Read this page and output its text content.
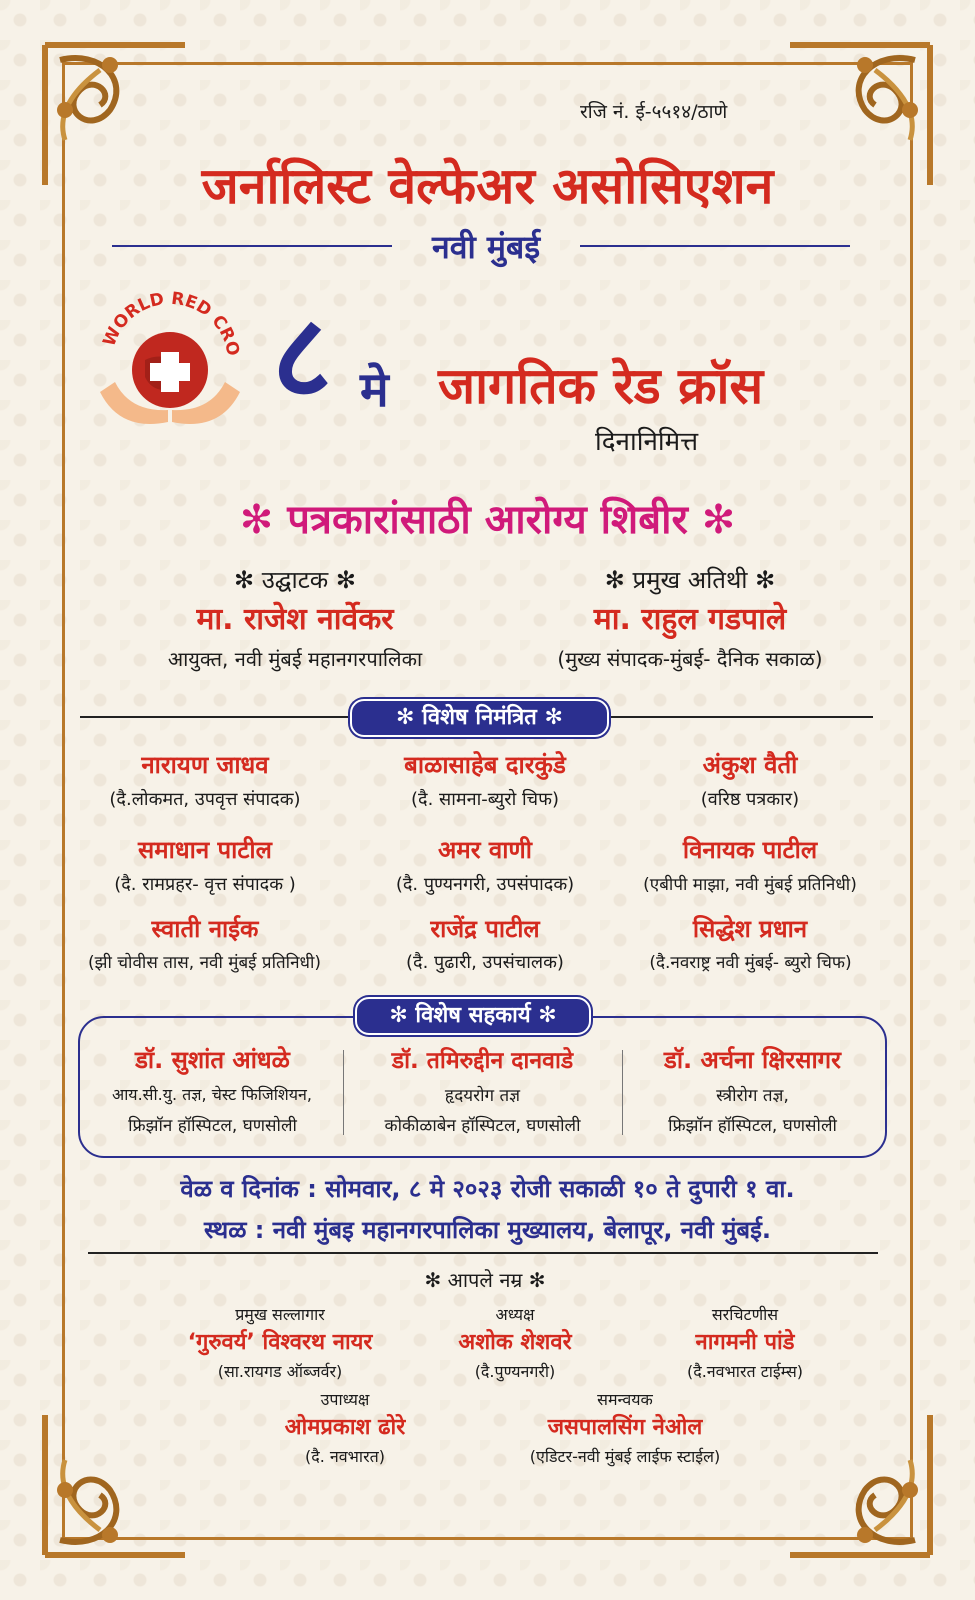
रजि नं. ई-५५१४/ठाणे
जर्नालिस्ट वेल्फेअर असोसिएशन
नवी मुंबई
WORLD RED CRO ८ मे जागतिक रेड क्रॉस
दिनानिमित्त
✻ पत्रकारांसाठी आरोग्य शिबीर ✻
✻ उद्घाटक ✻
मा. राजेश नार्वेकर
आयुक्त, नवी मुंबई महानगरपालिका
✻ प्रमुख अतिथी ✻
मा. राहुल गडपाले
(मुख्य संपादक-मुंबई- दैनिक सकाळ)
✻ विशेष निमंत्रित ✻
नारायण जाधव
(दै.लोकमत, उपवृत्त संपादक)
बाळासाहेब दारकुंडे
(दै. सामना-ब्युरो चिफ)
अंकुश वैती
(वरिष्ठ पत्रकार)
समाधान पाटील
(दै. रामप्रहर- वृत्त संपादक )
अमर वाणी
(दै. पुण्यनगरी, उपसंपादक)
विनायक पाटील
(एबीपी माझा, नवी मुंबई प्रतिनिधी)
स्वाती नाईक
(झी चोवीस तास, नवी मुंबई प्रतिनिधी)
राजेंद्र पाटील
(दै. पुढारी, उपसंचालक)
सिद्धेश प्रधान
(दै.नवराष्ट्र नवी मुंबई- ब्युरो चिफ)
✻ विशेष सहकार्य ✻
डॉ. सुशांत आंधळे
आय.सी.यु. तज्ञ, चेस्ट फिजिशियन,
फ्रिझॉन हॉस्पिटल, घणसोली
डॉ. तमिरुद्दीन दानवाडे
हृदयरोग तज्ञ
कोकीळाबेन हॉस्पिटल, घणसोली
डॉ. अर्चना क्षिरसागर
स्त्रीरोग तज्ञ,
फ्रिझॉन हॉस्पिटल, घणसोली
वेळ व दिनांक : सोमवार, ८ मे २०२३ रोजी सकाळी १० ते दुपारी १ वा.
स्थळ : नवी मुंबइ महानगरपालिका मुख्यालय, बेलापूर, नवी मुंबई.
✻ आपले नम्र ✻
प्रमुख सल्लागार
‘गुरुवर्य’ विश्वरथ नायर
(सा.रायगड ऑब्जर्वर)
अध्यक्ष
अशोक शेशवरे
(दै.पुण्यनगरी)
सरचिटणीस
नागमनी पांडे
(दै.नवभारत टाईम्स)
उपाध्यक्ष
ओमप्रकाश ढोरे
(दै. नवभारत)
समन्वयक
जसपालसिंग नेओल
(एडिटर-नवी मुंबई लाईफ स्टाईल)
